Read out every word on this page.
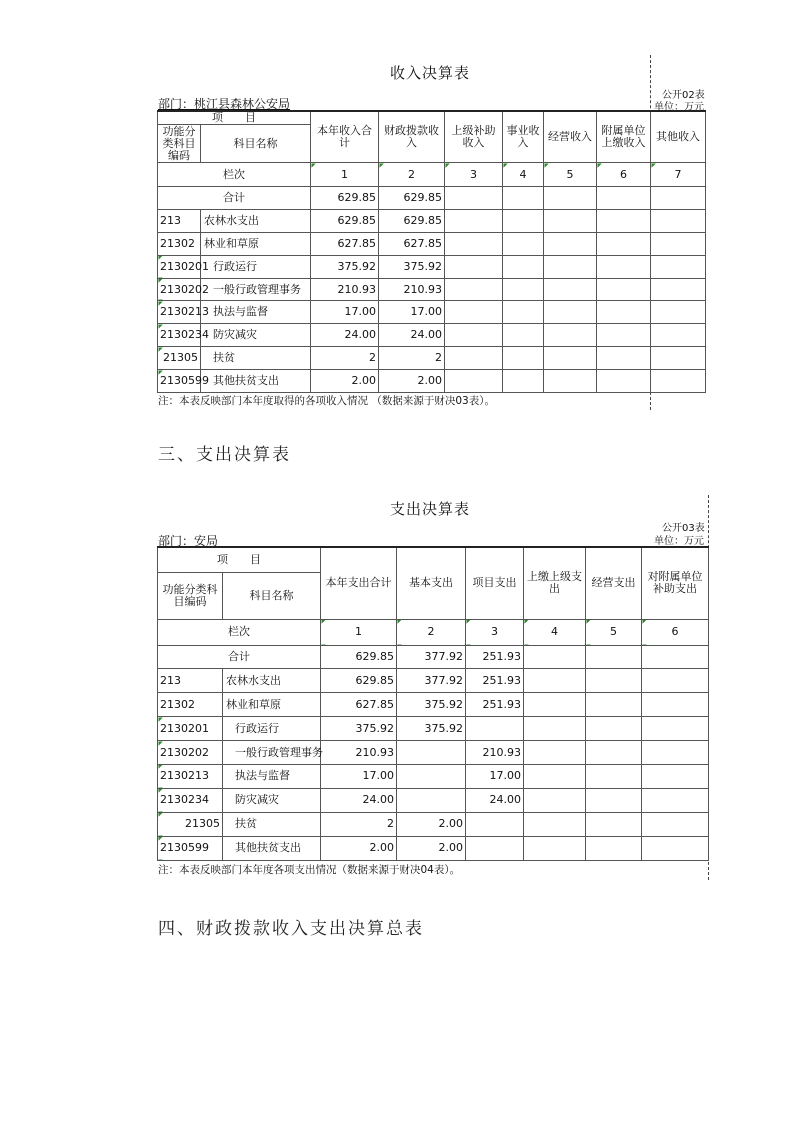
收入决算表
公开02表
单位：万元
部门：桃江县森林公安局
项　　目		本年收入合计	财政拨款收入	上级补助收入	事业收入	经营收入	附属单位上缴收入	其他收入
功能分类科目编码	科目名称							
栏次		1	2	3	4	5	6	7
合计		629.85	629.85					
213	农林水支出	629.85	629.85					
21302	林业和草原	627.85	627.85					
2130201	行政运行	375.92	375.92					
2130202	一般行政管理事务	210.93	210.93					
2130213	执法与监督	17.00	17.00					
2130234	防灾减灾	24.00	24.00					
21305	扶贫	2	2					
2130599	其他扶贫支出	2.00	2.00					
注：本表反映部门本年度取得的各项收入情况 （数据来源于财决03表）。
三、支出决算表
支出决算表
公开03表
单位：万元
部门：安局
项　　目		本年支出合计	基本支出	项目支出	上缴上级支出	经营支出	对附属单位补助支出
功能分类科目编码	科目名称						
栏次		1	2	3	4	5	6
合计		629.85	377.92	251.93			
213	农林水支出	629.85	377.92	251.93			
21302	林业和草原	627.85	375.92	251.93			
2130201	行政运行	375.92	375.92				
2130202	一般行政管理事务	210.93		210.93			
2130213	执法与监督	17.00		17.00			
2130234	防灾减灾	24.00		24.00			
21305	扶贫	2	2.00				
2130599	其他扶贫支出	2.00	2.00				
注：本表反映部门本年度各项支出情况（数据来源于财决04表）。
四、财政拨款收入支出决算总表
